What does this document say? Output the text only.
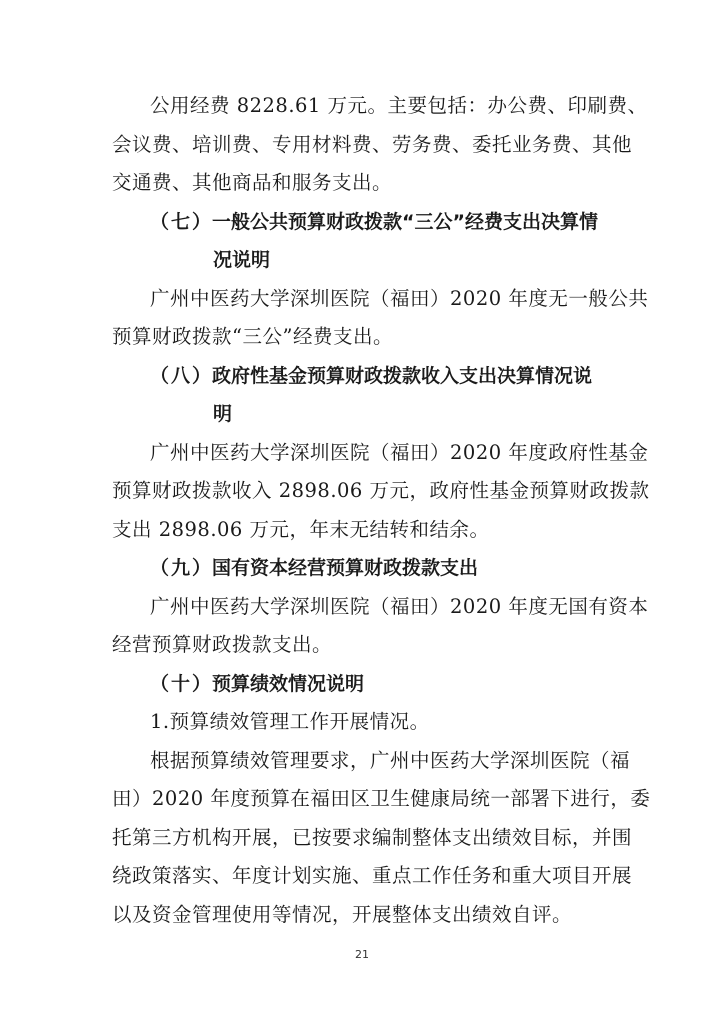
公用经费 8228.61 万元。主要包括：办公费、印刷费、
会议费、培训费、专用材料费、劳务费、委托业务费、其他
交通费、其他商品和服务支出。
（七）一般公共预算财政拨款“三公”经费支出决算情
况说明
广州中医药大学深圳医院（福田）2020 年度无一般公共
预算财政拨款“三公”经费支出。
（八）政府性基金预算财政拨款收入支出决算情况说
明
广州中医药大学深圳医院（福田）2020 年度政府性基金
预算财政拨款收入 2898.06 万元，政府性基金预算财政拨款
支出 2898.06 万元，年末无结转和结余。
（九）国有资本经营预算财政拨款支出
广州中医药大学深圳医院（福田）2020 年度无国有资本
经营预算财政拨款支出。
（十）预算绩效情况说明
1.预算绩效管理工作开展情况。
根据预算绩效管理要求，广州中医药大学深圳医院（福
田）2020 年度预算在福田区卫生健康局统一部署下进行，委
托第三方机构开展，已按要求编制整体支出绩效目标，并围
绕政策落实、年度计划实施、重点工作任务和重大项目开展
以及资金管理使用等情况，开展整体支出绩效自评。
21
